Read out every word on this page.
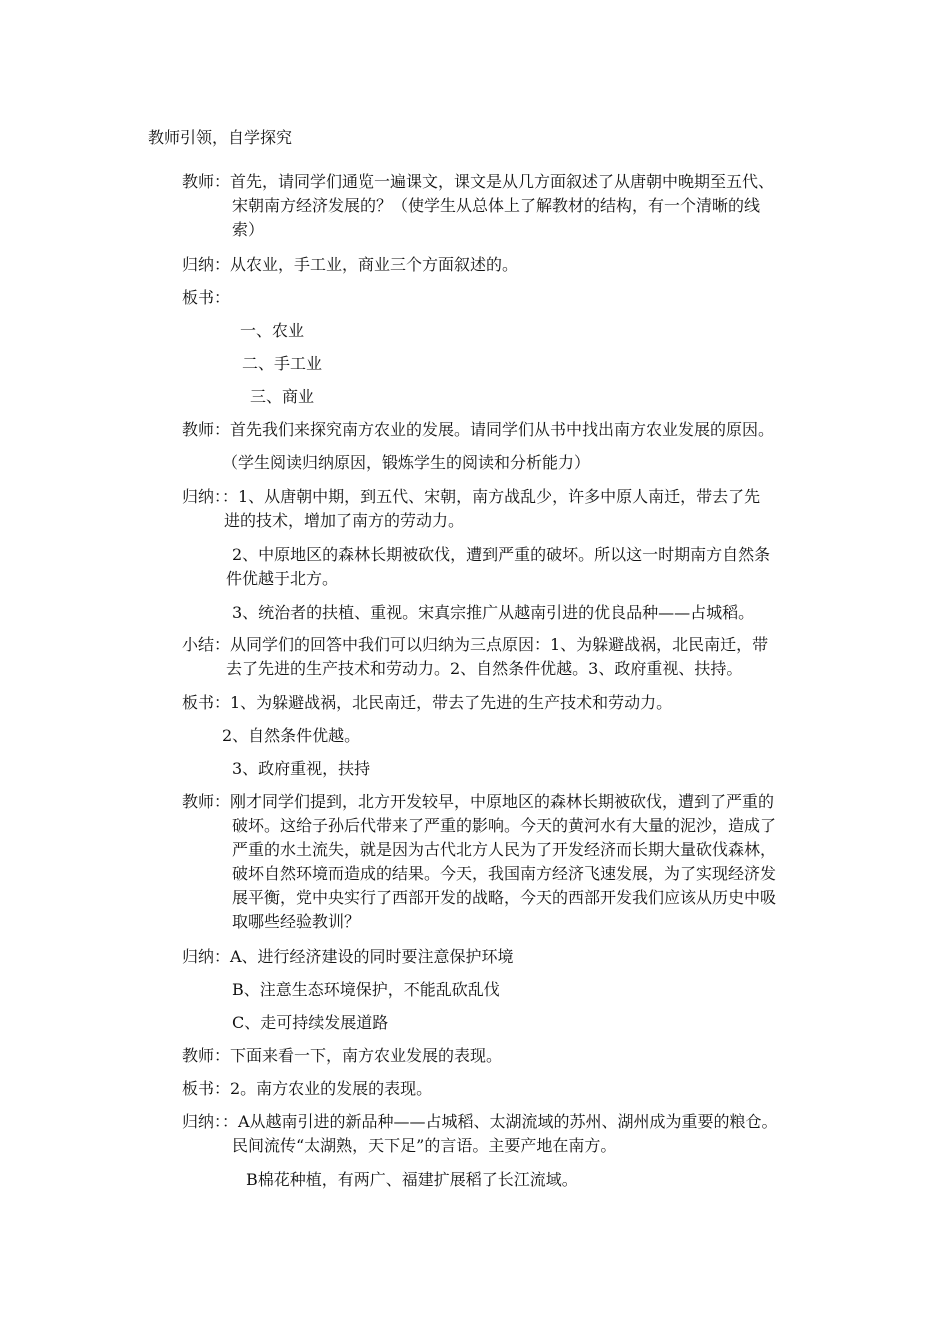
教师引领，自学探究
教师：首先，请同学们通览一遍课文，课文是从几方面叙述了从唐朝中晚期至五代、
宋朝南方经济发展的？（使学生从总体上了解教材的结构，有一个清晰的线
索）
归纳：从农业，手工业，商业三个方面叙述的。
板书：
一、农业
二、手工业
三、商业
教师：首先我们来探究南方农业的发展。请同学们从书中找出南方农业发展的原因。
（学生阅读归纳原因，锻炼学生的阅读和分析能力）
归纳：：1、从唐朝中期，到五代、宋朝，南方战乱少，许多中原人南迁，带去了先
进的技术，增加了南方的劳动力。
2、中原地区的森林长期被砍伐，遭到严重的破坏。所以这一时期南方自然条
件优越于北方。
3、统治者的扶植、重视。宋真宗推广从越南引进的优良品种——占城稻。
小结：从同学们的回答中我们可以归纳为三点原因：1、为躲避战祸，北民南迁，带
去了先进的生产技术和劳动力。2、自然条件优越。3、政府重视、扶持。
板书：1、为躲避战祸，北民南迁，带去了先进的生产技术和劳动力。
2、自然条件优越。
3、政府重视，扶持
教师：刚才同学们提到，北方开发较早，中原地区的森林长期被砍伐，遭到了严重的
破坏。这给子孙后代带来了严重的影响。今天的黄河水有大量的泥沙，造成了
严重的水土流失，就是因为古代北方人民为了开发经济而长期大量砍伐森林，
破坏自然环境而造成的结果。今天，我国南方经济飞速发展，为了实现经济发
展平衡，党中央实行了西部开发的战略，今天的西部开发我们应该从历史中吸
取哪些经验教训？
归纳：A、进行经济建设的同时要注意保护环境
B、注意生态环境保护，不能乱砍乱伐
C、走可持续发展道路
教师：下面来看一下，南方农业发展的表现。
板书：2。南方农业的发展的表现。
归纳：：A从越南引进的新品种——占城稻、太湖流域的苏州、湖州成为重要的粮仓。
民间流传“太湖熟，天下足”的言语。主要产地在南方。
B棉花种植，有两广、福建扩展稻了长江流域。
